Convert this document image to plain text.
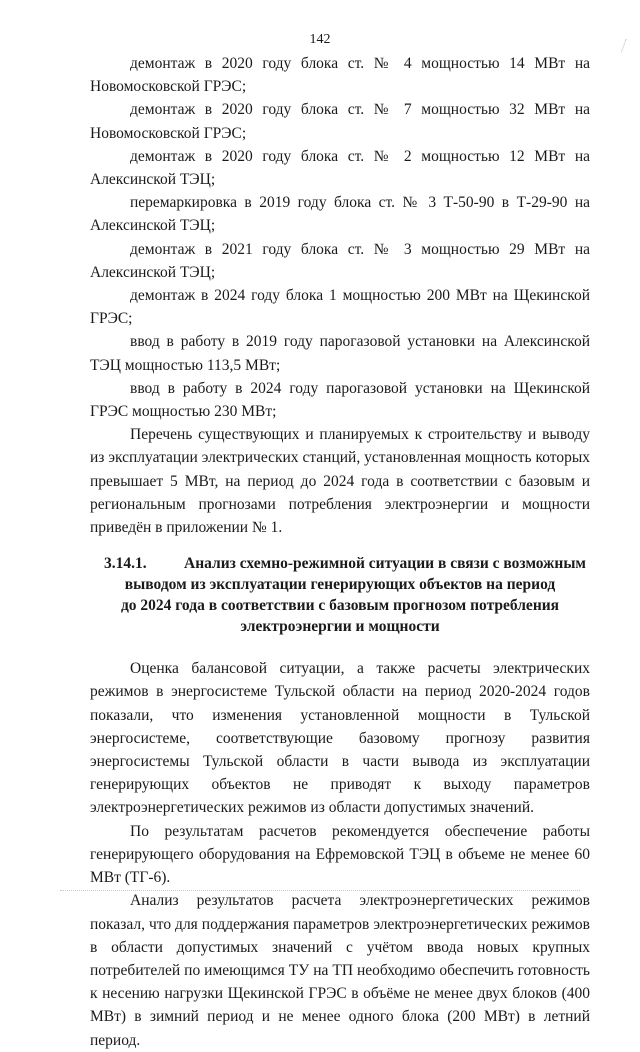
142

демонтаж в 2020 году блока ст. № 4 мощностью 14 МВт на Новомосковской ГРЭС;

демонтаж в 2020 году блока ст. № 7 мощностью 32 МВт на Новомосковской ГРЭС;

демонтаж в 2020 году блока ст. № 2 мощностью 12 МВт на Алексинской ТЭЦ;

перемаркировка в 2019 году блока ст. № 3 Т-50-90 в Т-29-90 на Алексинской ТЭЦ;

демонтаж в 2021 году блока ст. № 3 мощностью 29 МВт на Алексинской ТЭЦ;

демонтаж в 2024 году блока 1 мощностью 200 МВт на Щекинской ГРЭС;

ввод в работу в 2019 году парогазовой установки на Алексинской ТЭЦ мощностью 113,5 МВт;

ввод в работу в 2024 году парогазовой установки на Щекинской ГРЭС мощностью 230 МВт;

Перечень существующих и планируемых к строительству и выводу из эксплуатации электрических станций, установленная мощность которых превышает 5 МВт, на период до 2024 года в соответствии с базовым и региональным прогнозами потребления электроэнергии и мощности приведён в приложении № 1.

3.14.1. Анализ схемно-режимной ситуации в связи с возможным
выводом из эксплуатации генерирующих объектов на период
до 2024 года в соответствии с базовым прогнозом потребления
электроэнергии и мощности

Оценка балансовой ситуации, а также расчеты электрических режимов в энергосистеме Тульской области на период 2020-2024 годов показали, что изменения установленной мощности в Тульской энергосистеме, соответствующие базовому прогнозу развития энергосистемы Тульской области в части вывода из эксплуатации генерирующих объектов не приводят к выходу параметров электроэнергетических режимов из области допустимых значений.

По результатам расчетов рекомендуется обеспечение работы генерирующего оборудования на Ефремовской ТЭЦ в объеме не менее 60 МВт (ТГ-6).

Анализ результатов расчета электроэнергетических режимов показал, что для поддержания параметров электроэнергетических режимов в области допустимых значений с учётом ввода новых крупных потребителей по имеющимся ТУ на ТП необходимо обеспечить готовность к несению нагрузки Щекинской ГРЭС в объёме не менее двух блоков (400 МВт) в зимний период и не менее одного блока (200 МВт) в летний период.
